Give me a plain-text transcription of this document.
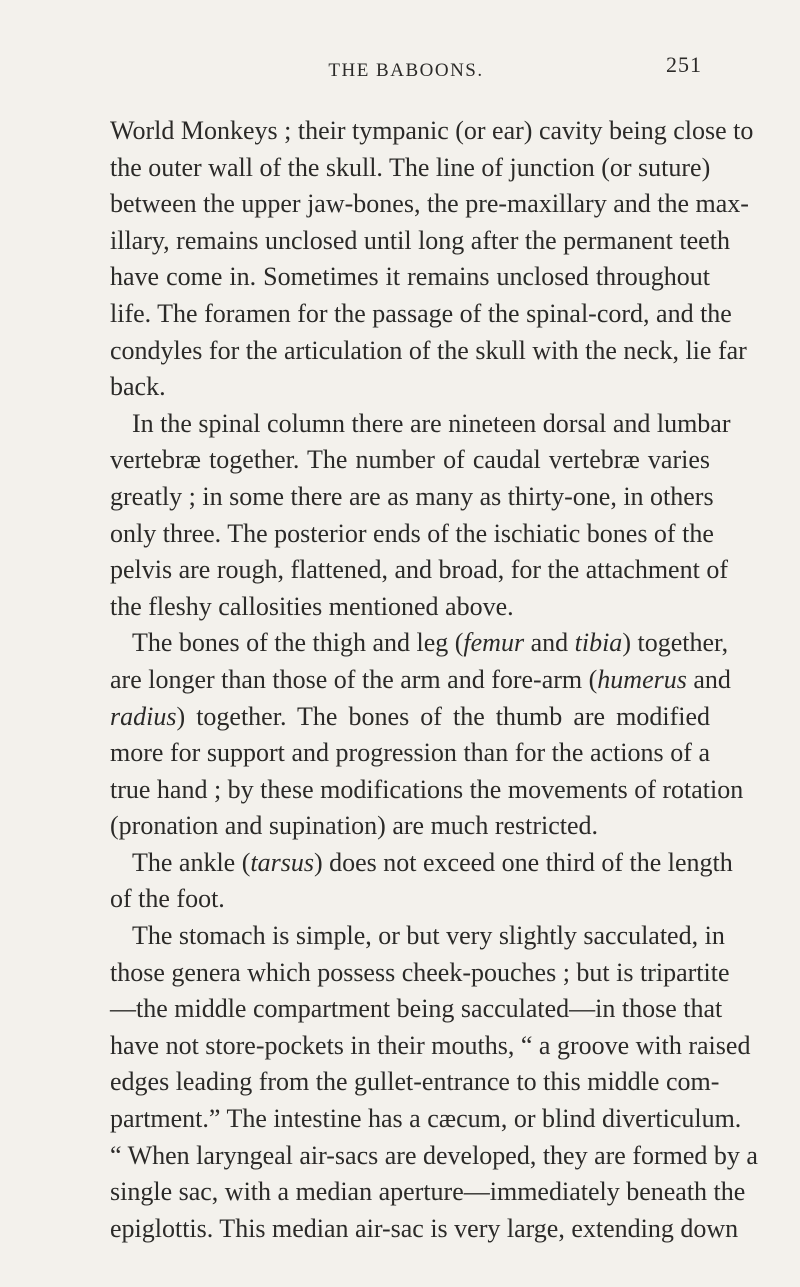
THE BABOONS.	251
World Monkeys ; their tympanic (or ear) cavity being close to
the outer wall of the skull. The line of junction (or suture)
between the upper jaw-bones, the pre-maxillary and the max-
illary, remains unclosed until long after the permanent teeth
have come in. Sometimes it remains unclosed throughout
life. The foramen for the passage of the spinal-cord, and the
condyles for the articulation of the skull with the neck, lie far
back.
In the spinal column there are nineteen dorsal and lumbar
vertebræ together. The number of caudal vertebræ varies
greatly ; in some there are as many as thirty-one, in others
only three. The posterior ends of the ischiatic bones of the
pelvis are rough, flattened, and broad, for the attachment of
the fleshy callosities mentioned above.
The bones of the thigh and leg (femur and tibia) together,
are longer than those of the arm and fore-arm (humerus and
radius) together. The bones of the thumb are modified
more for support and progression than for the actions of a
true hand ; by these modifications the movements of rotation
(pronation and supination) are much restricted.
The ankle (tarsus) does not exceed one third of the length
of the foot.
The stomach is simple, or but very slightly sacculated, in
those genera which possess cheek-pouches ; but is tripartite
—the middle compartment being sacculated—in those that
have not store-pockets in their mouths, “ a groove with raised
edges leading from the gullet-entrance to this middle com-
partment.” The intestine has a cæcum, or blind diverticulum.
“ When laryngeal air-sacs are developed, they are formed by a
single sac, with a median aperture—immediately beneath the
epiglottis. This median air-sac is very large, extending down
